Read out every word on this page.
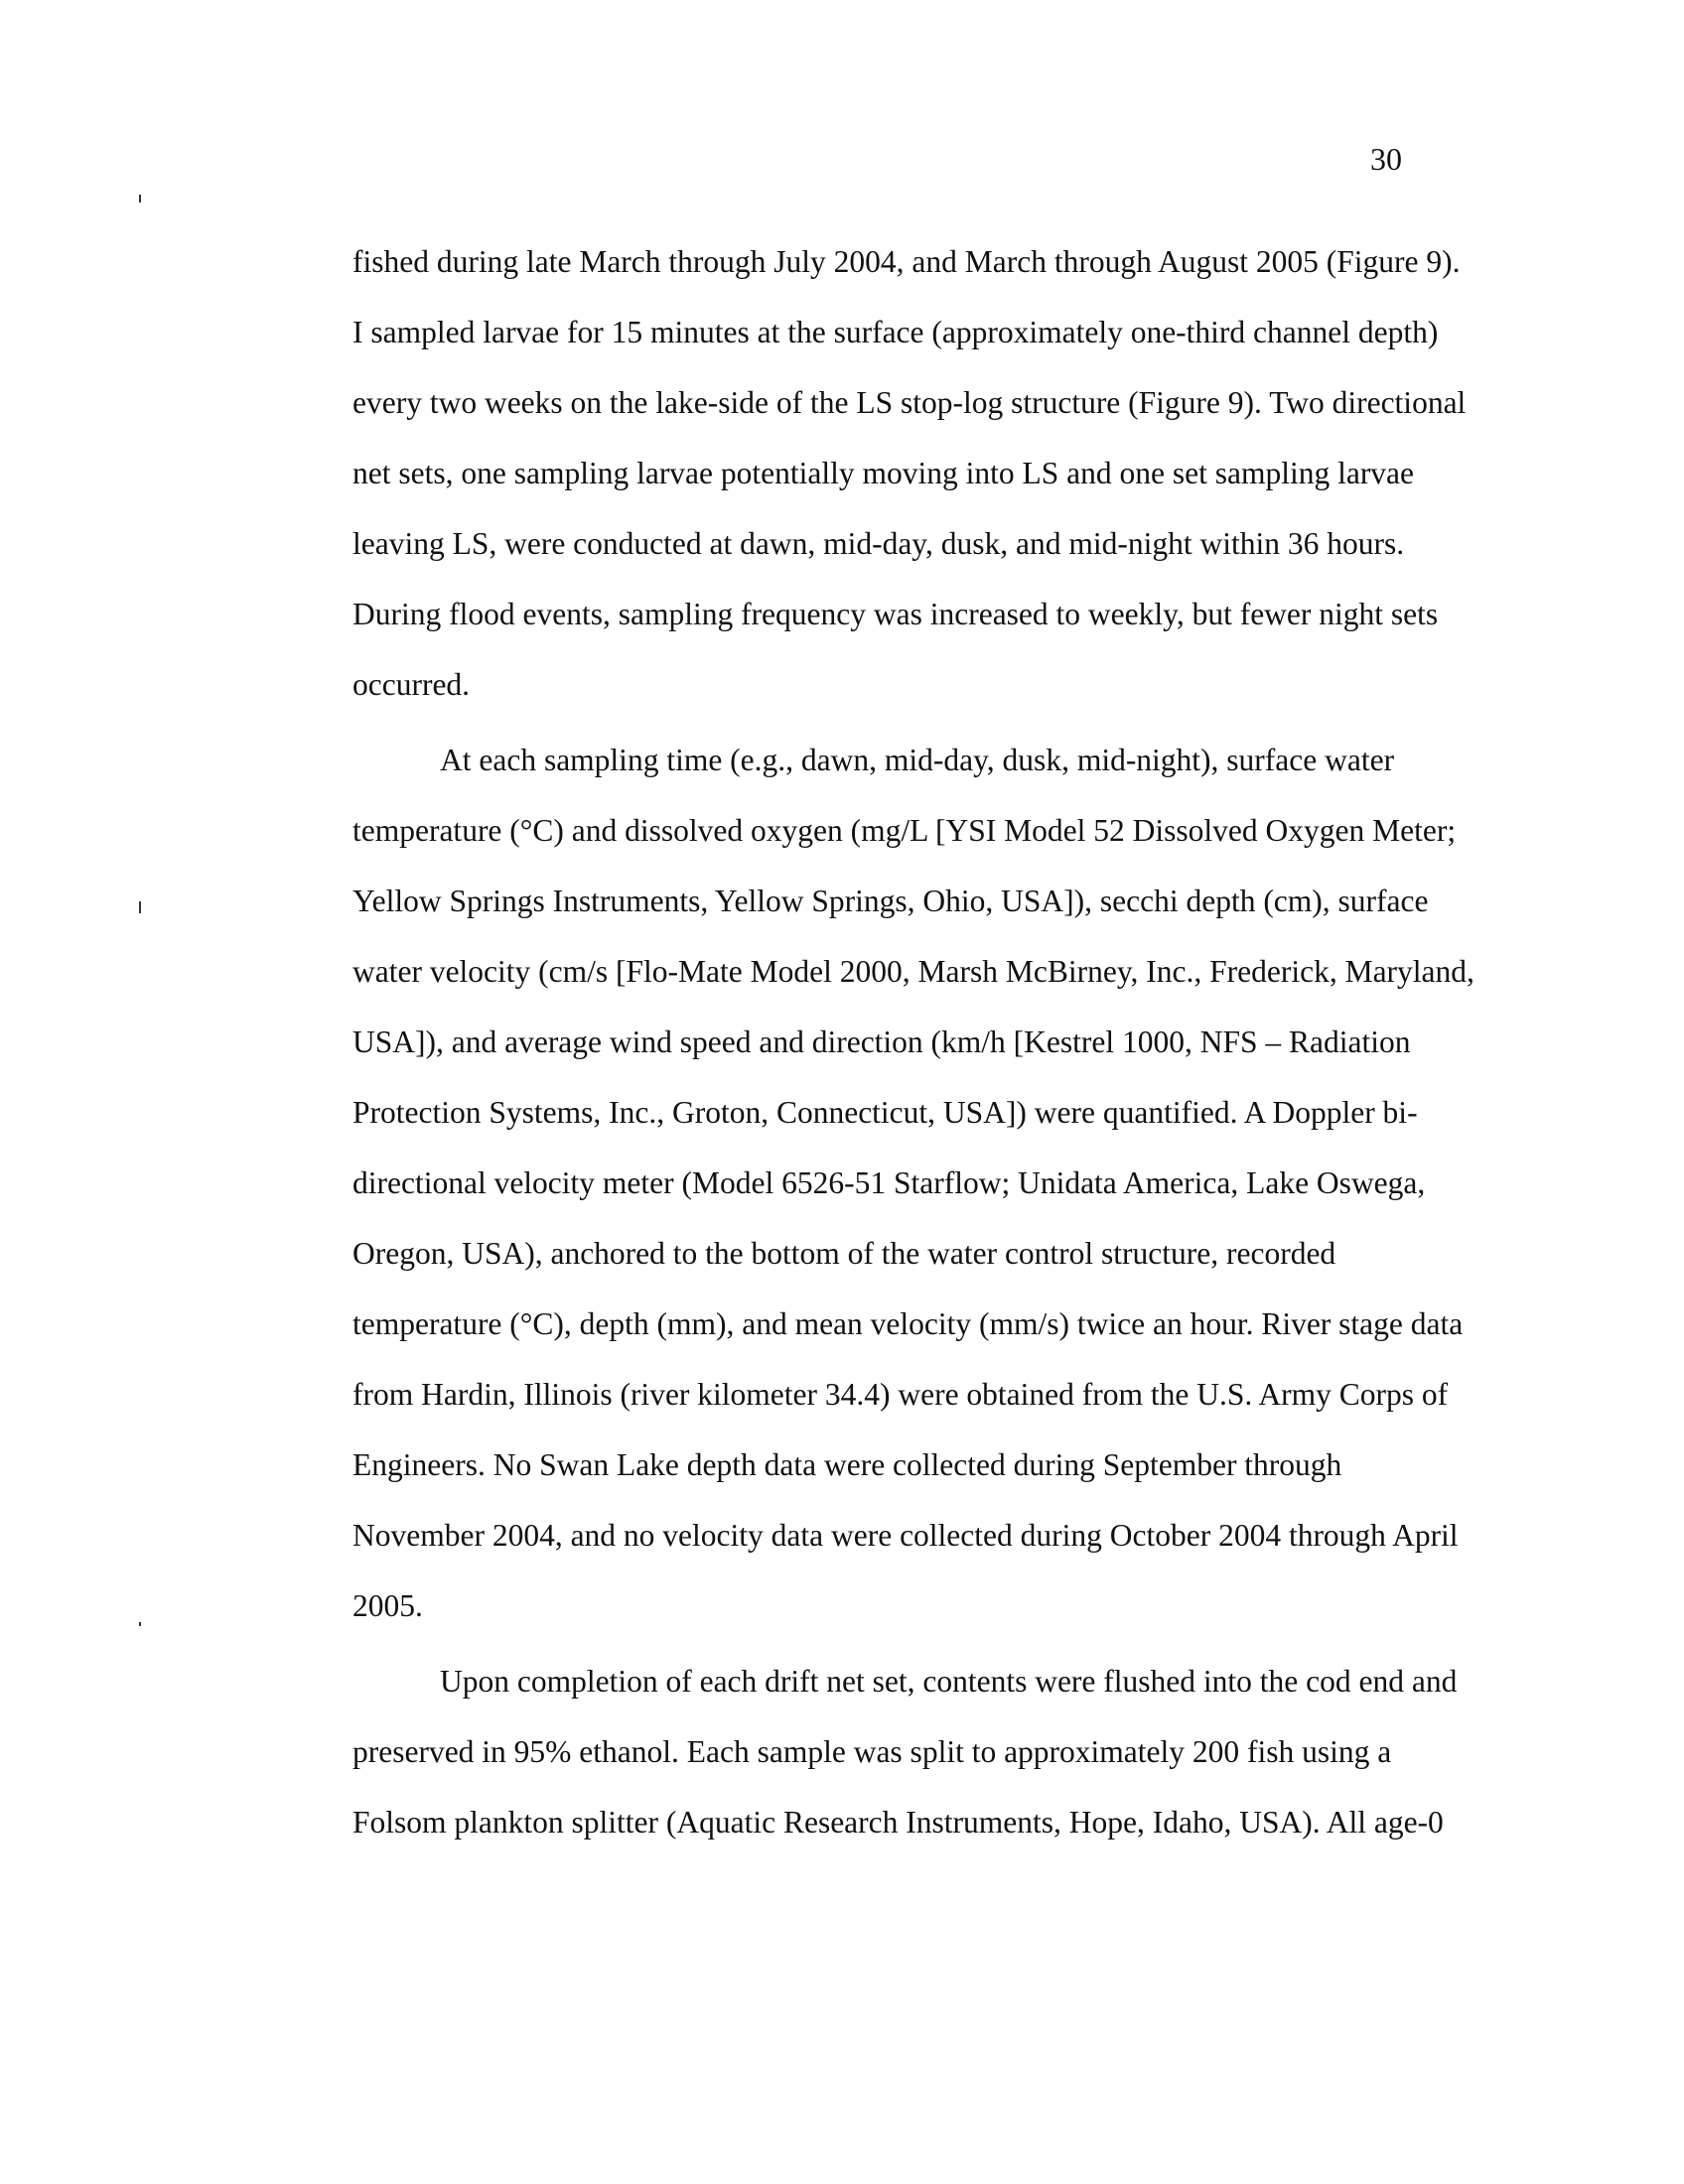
30
fished during late March through July 2004, and March through August 2005 (Figure 9).
I sampled larvae for 15 minutes at the surface (approximately one-third channel depth)
every two weeks on the lake-side of the LS stop-log structure (Figure 9). Two directional
net sets, one sampling larvae potentially moving into LS and one set sampling larvae
leaving LS, were conducted at dawn, mid-day, dusk, and mid-night within 36 hours.
During flood events, sampling frequency was increased to weekly, but fewer night sets
occurred.
At each sampling time (e.g., dawn, mid-day, dusk, mid-night), surface water
temperature (°C) and dissolved oxygen (mg/L [YSI Model 52 Dissolved Oxygen Meter;
Yellow Springs Instruments, Yellow Springs, Ohio, USA]), secchi depth (cm), surface
water velocity (cm/s [Flo-Mate Model 2000, Marsh McBirney, Inc., Frederick, Maryland,
USA]), and average wind speed and direction (km/h [Kestrel 1000, NFS – Radiation
Protection Systems, Inc., Groton, Connecticut, USA]) were quantified. A Doppler bi-
directional velocity meter (Model 6526-51 Starflow; Unidata America, Lake Oswega,
Oregon, USA), anchored to the bottom of the water control structure, recorded
temperature (°C), depth (mm), and mean velocity (mm/s) twice an hour. River stage data
from Hardin, Illinois (river kilometer 34.4) were obtained from the U.S. Army Corps of
Engineers. No Swan Lake depth data were collected during September through
November 2004, and no velocity data were collected during October 2004 through April
2005.
Upon completion of each drift net set, contents were flushed into the cod end and
preserved in 95% ethanol. Each sample was split to approximately 200 fish using a
Folsom plankton splitter (Aquatic Research Instruments, Hope, Idaho, USA). All age-0
